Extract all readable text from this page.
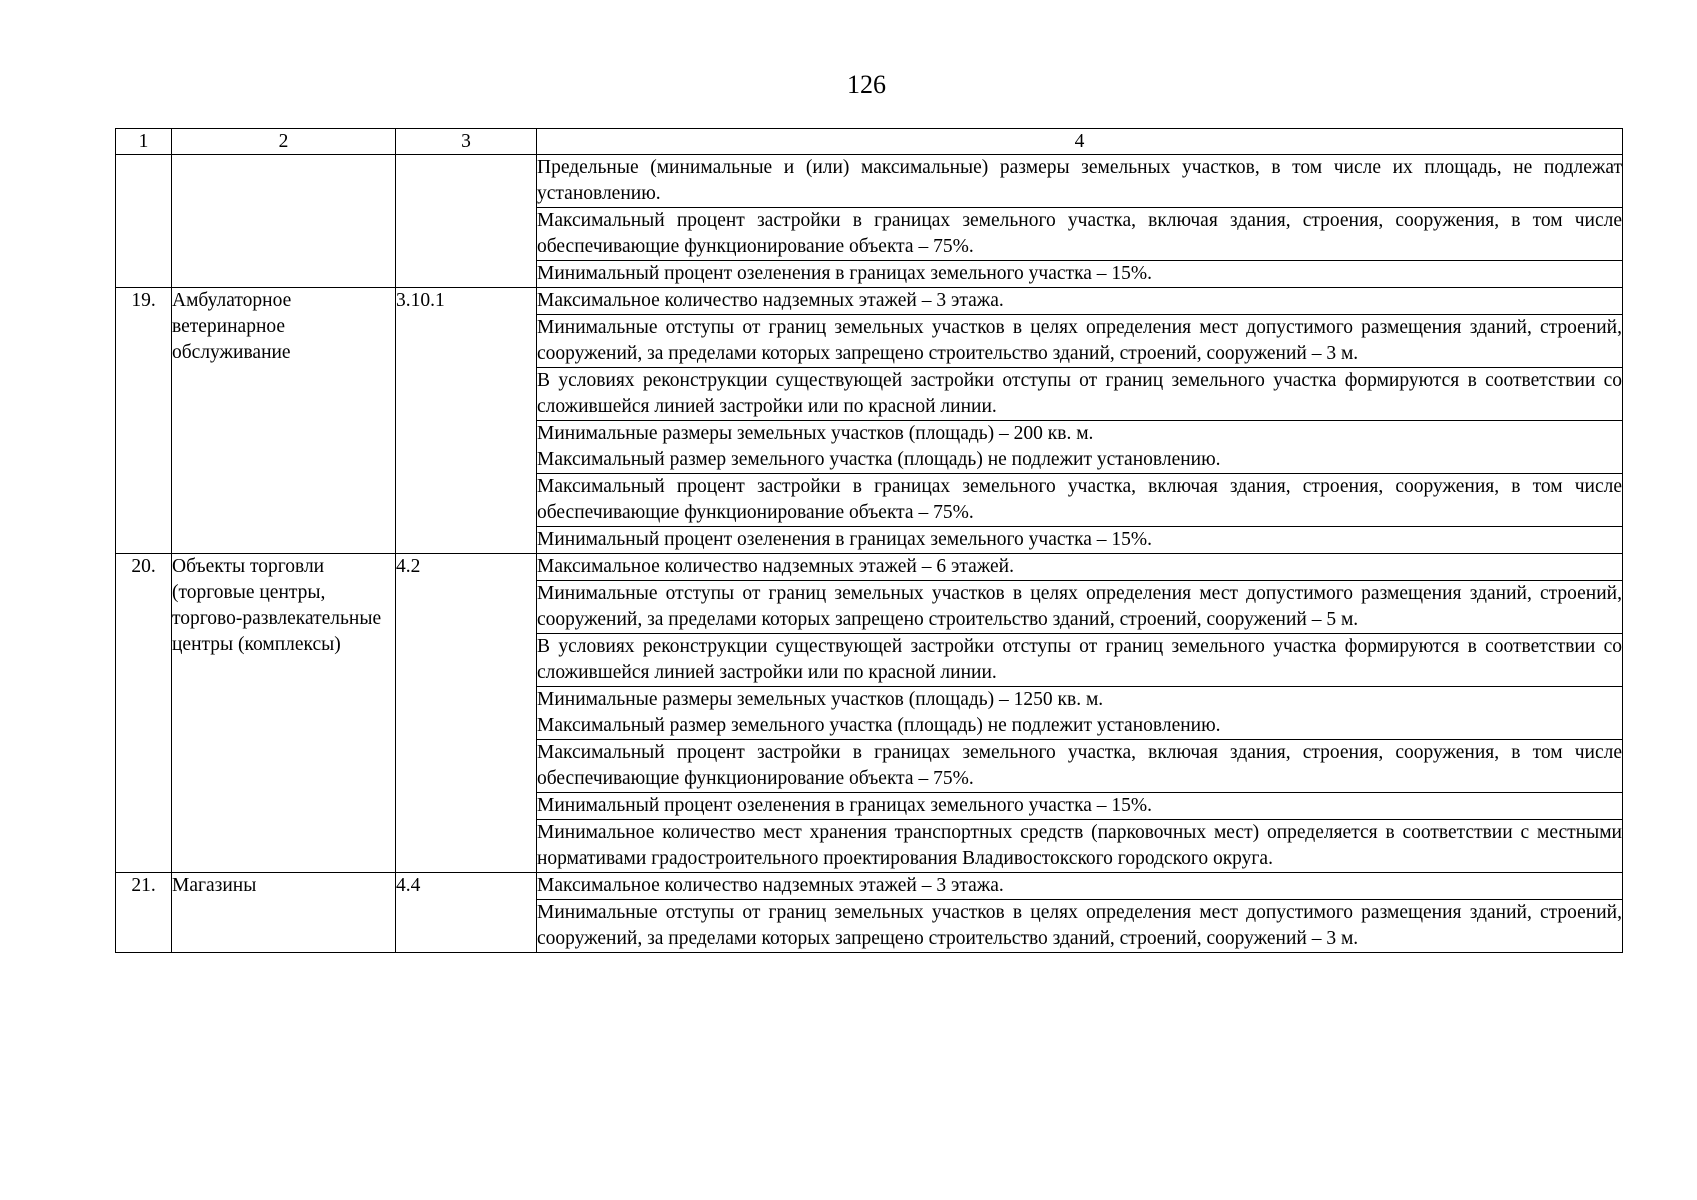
126
1	2	3	4
			Предельные (минимальные и (или) максимальные) размеры земельных участков, в том числе их площадь, не подлежат установлению.
			Максимальный процент застройки в границах земельного участка, включая здания, строения, сооружения, в том числе обеспечивающие функционирование объекта – 75%.
			Минимальный процент озеленения в границах земельного участка – 15%.
19.	Амбулаторное ветеринарное обслуживание	3.10.1	Максимальное количество надземных этажей – 3 этажа.
			Минимальные отступы от границ земельных участков в целях определения мест допустимого размещения зданий, строений, сооружений, за пределами которых запрещено строительство зданий, строений, сооружений – 3 м.
			В условиях реконструкции существующей застройки отступы от границ земельного участка формируются в соответствии со сложившейся линией застройки или по красной линии.

			Минимальные размеры земельных участков (площадь) – 200 кв. м.
Максимальный размер земельного участка (площадь) не подлежит установлению.

			Максимальный процент застройки в границах земельного участка, включая здания, строения, сооружения, в том числе обеспечивающие функционирование объекта – 75%.
			Минимальный процент озеленения в границах земельного участка – 15%.
20.	Объекты торговли (торговые центры, торгово-развлекательные центры (комплексы)	4.2	Максимальное количество надземных этажей – 6 этажей.
			Минимальные отступы от границ земельных участков в целях определения мест допустимого размещения зданий, строений, сооружений, за пределами которых запрещено строительство зданий, строений, сооружений – 5 м.
			В условиях реконструкции существующей застройки отступы от границ земельного участка формируются в соответствии со сложившейся линией застройки или по красной линии.

			Минимальные размеры земельных участков (площадь) – 1250 кв. м.
Максимальный размер земельного участка (площадь) не подлежит установлению.

			Максимальный процент застройки в границах земельного участка, включая здания, строения, сооружения, в том числе обеспечивающие функционирование объекта – 75%.
			Минимальный процент озеленения в границах земельного участка – 15%.
			Минимальное количество мест хранения транспортных средств (парковочных мест) определяется в соответствии с местными нормативами градостроительного проектирования Владивостокского городского округа.
21.	Магазины	4.4	Максимальное количество надземных этажей – 3 этажа.
			Минимальные отступы от границ земельных участков в целях определения мест допустимого размещения зданий, строений, сооружений, за пределами которых запрещено строительство зданий, строений, сооружений – 3 м.
